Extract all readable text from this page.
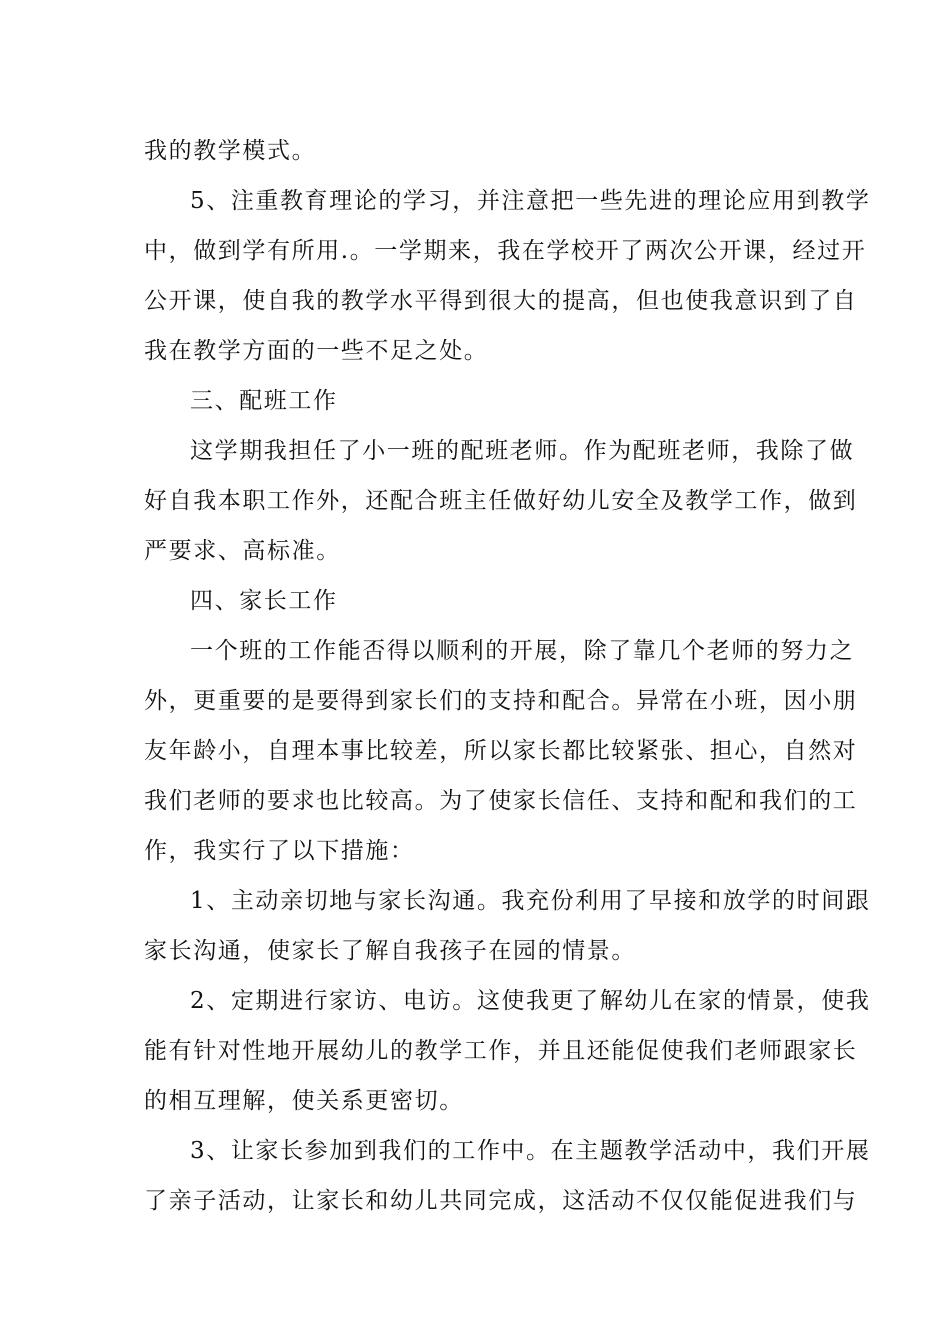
我的教学模式。
5、注重教育理论的学习，并注意把一些先进的理论应用到教学
中，做到学有所用.。一学期来，我在学校开了两次公开课，经过开
公开课，使自我的教学水平得到很大的提高，但也使我意识到了自
我在教学方面的一些不足之处。
三、配班工作
这学期我担任了小一班的配班老师。作为配班老师，我除了做
好自我本职工作外，还配合班主任做好幼儿安全及教学工作，做到
严要求、高标准。
四、家长工作
一个班的工作能否得以顺利的开展，除了靠几个老师的努力之
外，更重要的是要得到家长们的支持和配合。异常在小班，因小朋
友年龄小，自理本事比较差，所以家长都比较紧张、担心，自然对
我们老师的要求也比较高。为了使家长信任、支持和配和我们的工
作，我实行了以下措施：
1、主动亲切地与家长沟通。我充份利用了早接和放学的时间跟
家长沟通，使家长了解自我孩子在园的情景。
2、定期进行家访、电访。这使我更了解幼儿在家的情景，使我
能有针对性地开展幼儿的教学工作，并且还能促使我们老师跟家长
的相互理解，使关系更密切。
3、让家长参加到我们的工作中。在主题教学活动中，我们开展
了亲子活动，让家长和幼儿共同完成，这活动不仅仅能促进我们与
